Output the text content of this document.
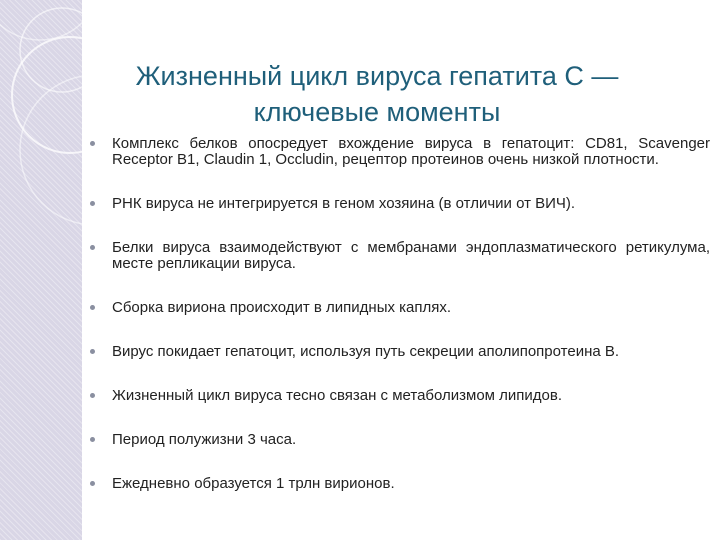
Жизненный цикл вируса гепатита С — ключевые моменты
Комплекс белков опосредует вхождение вируса в гепатоцит: CD81, Scavenger Receptor B1, Claudin 1, Occludin, рецептор протеинов очень низкой плотности.
РНК вируса не интегрируется в геном хозяина (в отличии от ВИЧ).
Белки вируса взаимодействуют с мембранами эндоплазматического ретикулума, месте репликации вируса.
Сборка вириона происходит в липидных каплях.
Вирус покидает гепатоцит, используя путь секреции аполипопротеина В.
Жизненный цикл вируса тесно связан с метаболизмом липидов.
Период полужизни 3 часа.
Ежедневно образуется 1 трлн вирионов.
